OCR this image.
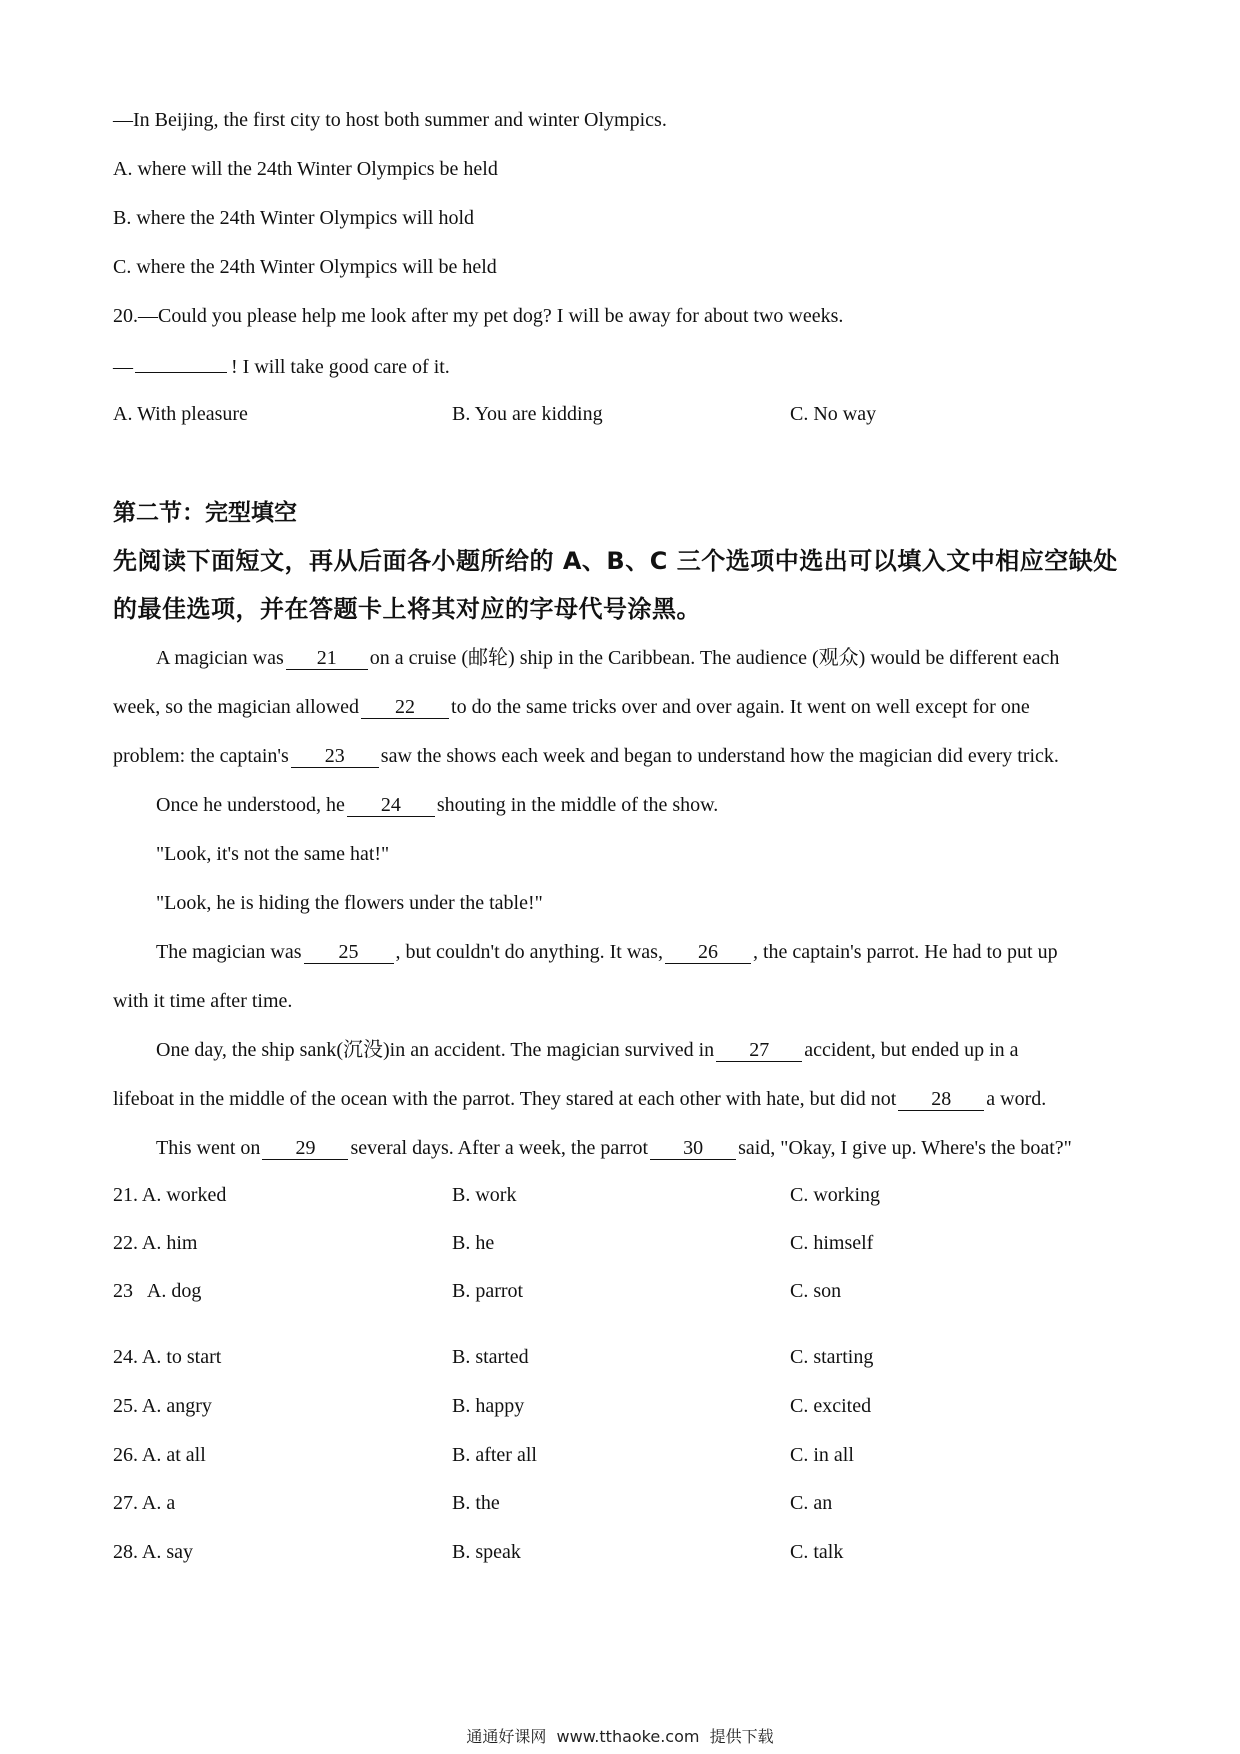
—In Beijing, the first city to host both summer and winter Olympics.
A. where will the 24th Winter Olympics be held
B. where the 24th Winter Olympics will hold
C. where the 24th Winter Olympics will be held
20.—Could you please help me look after my pet dog? I will be away for about two weeks.
—	! I will take good care of it.
A. With pleasure	B. You are kidding	C. No way
第二节：完型填空
先阅读下面短文，再从后面各小题所给的 A、B、C 三个选项中选出可以填入文中相应空缺处
的最佳选项，并在答题卡上将其对应的字母代号涂黑。
A magician was 21 on a cruise (邮轮) ship in the Caribbean. The audience (观众) would be different each
week, so the magician allowed 22 to do the same tricks over and over again. It went on well except for one
problem: the captain's 23 saw the shows each week and began to understand how the magician did every trick.
Once he understood, he 24 shouting in the middle of the show.
"Look, it's not the same hat!"
"Look, he is hiding the flowers under the table!"
The magician was 25 , but couldn't do anything. It was, 26 , the captain's parrot. He had to put up
with it time after time.
One day, the ship sank(沉没)in an accident. The magician survived in 27 accident, but ended up in a
lifeboat in the middle of the ocean with the parrot. They stared at each other with hate, but did not 28 a word.
This went on 29 several days. After a week, the parrot 30 said, "Okay, I give up. Where's the boat?"
21. A. worked	B. work	C. working
22. A. him	B. he	C. himself
23   A. dog	B. parrot	C. son
24. A. to start	B. started	C. starting
25. A. angry	B. happy	C. excited
26. A. at all	B. after all	C. in all
27. A. a	B. the	C. an
28. A. say	B. speak	C. talk
通通好课网  www.tthaoke.com  提供下载
